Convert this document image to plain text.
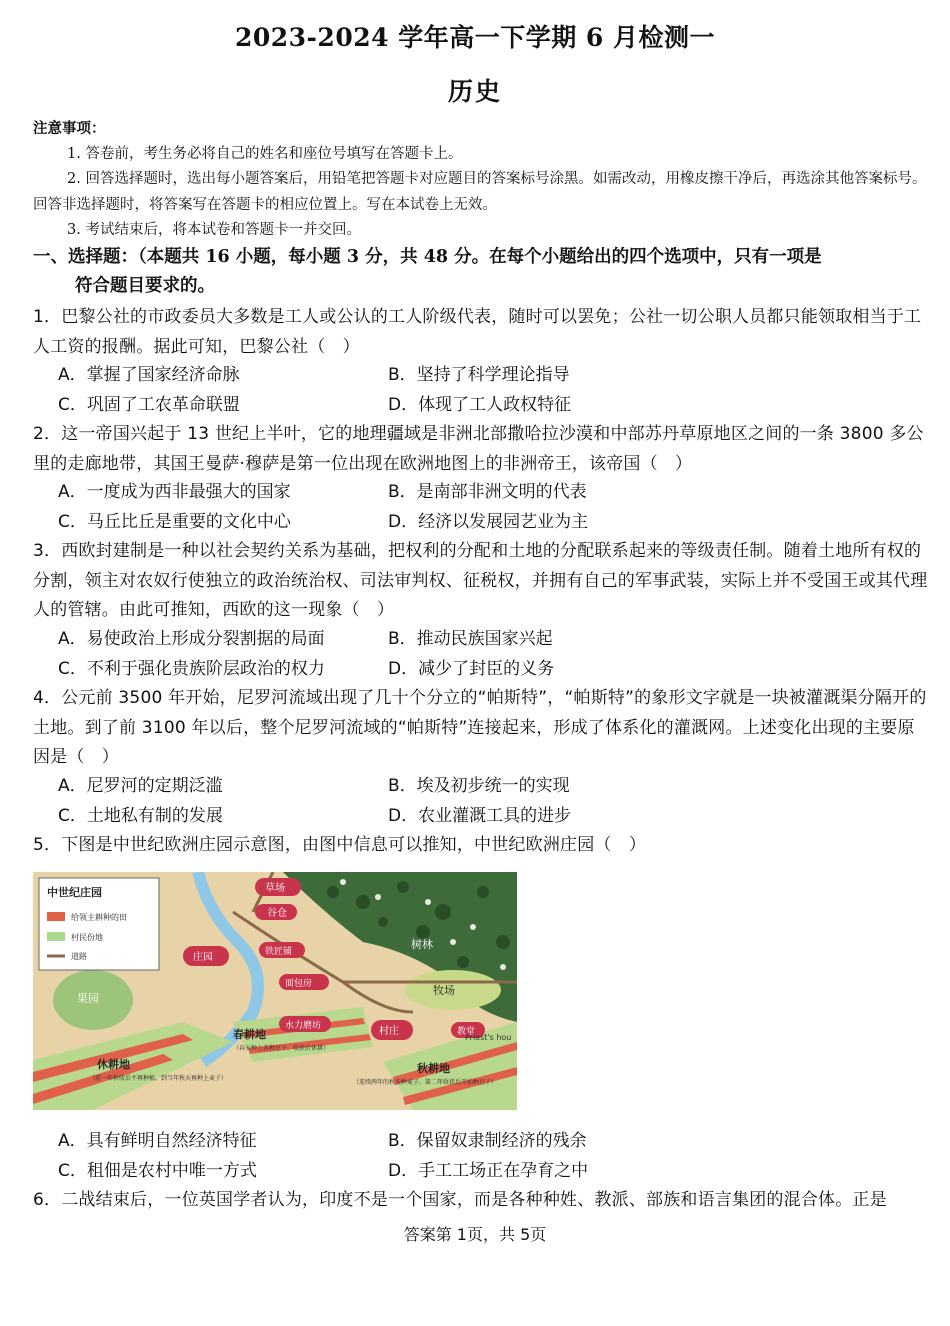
2023-2024 学年高一下学期 6 月检测一
历史
注意事项：
1. 答卷前，考生务必将自己的姓名和座位号填写在答题卡上。
2. 回答选择题时，选出每小题答案后，用铅笔把答题卡对应题目的答案标号涂黑。如需改动，用橡皮擦干净后，再选涂其他答案标号。回答非选择题时，将答案写在答题卡的相应位置上。写在本试卷上无效。
3. 考试结束后，将本试卷和答题卡一并交回。
一、选择题：（本题共 16 小题，每小题 3 分，共 48 分。在每个小题给出的四个选项中，只有一项是
符合题目要求的。
1．巴黎公社的市政委员大多数是工人或公认的工人阶级代表，随时可以罢免；公社一切公职人员都只能领取相当于工人工资的报酬。据此可知，巴黎公社（　）
A．掌握了国家经济命脉	B．坚持了科学理论指导
C．巩固了工农革命联盟	D．体现了工人政权特征
2．这一帝国兴起于 13 世纪上半叶，它的地理疆域是非洲北部撒哈拉沙漠和中部苏丹草原地区之间的一条 3800 多公里的走廊地带，其国王曼萨·穆萨是第一位出现在欧洲地图上的非洲帝王，该帝国（　）
A．一度成为西非最强大的国家	B．是南部非洲文明的代表
C．马丘比丘是重要的文化中心	D．经济以发展园艺业为主
3．西欧封建制是一种以社会契约关系为基础，把权利的分配和土地的分配联系起来的等级责任制。随着土地所有权的分割，领主对农奴行使独立的政治统治权、司法审判权、征税权，并拥有自己的军事武装，实际上并不受国王或其代理人的管辖。由此可推知，西欧的这一现象（　）
A．易使政治上形成分裂割据的局面	B．推动民族国家兴起
C．不利于强化贵族阶层政治的权力	D．减少了封臣的义务
4．公元前 3500 年开始，尼罗河流域出现了几十个分立的“帕斯特”，“帕斯特”的象形文字就是一块被灌溉渠分隔开的土地。到了前 3100 年以后，整个尼罗河流域的“帕斯特”连接起来，形成了体系化的灌溉网。上述变化出现的主要原因是（　）
A．尼罗河的定期泛滥	B．埃及初步统一的实现
C．土地私有制的发展	D．农业灌溉工具的进步
5．下图是中世纪欧洲庄园示意图，由图中信息可以推知，中世纪欧洲庄园（　）
中世纪庄园
给领主耕种的田
村民份地
道路
草场
谷仓
庄园	铁匠铺
面包房
树林
牧场
果园
水力磨坊	村庄	教堂
Priest's hou
春耕地
（春天种上各种豆子，收获后休耕）
休耕地
（前一年秋收后不再种植，到当年秋天再种上麦子）
秋耕地
（连续两年的秋天种麦子，第二年收获后开始种豆子）
A．具有鲜明自然经济特征	B．保留奴隶制经济的残余
C．租佃是农村中唯一方式	D．手工工场正在孕育之中
6．二战结束后，一位英国学者认为，印度不是一个国家，而是各种种姓、教派、部族和语言集团的混合体。正是
答案第 1页，共 5页
